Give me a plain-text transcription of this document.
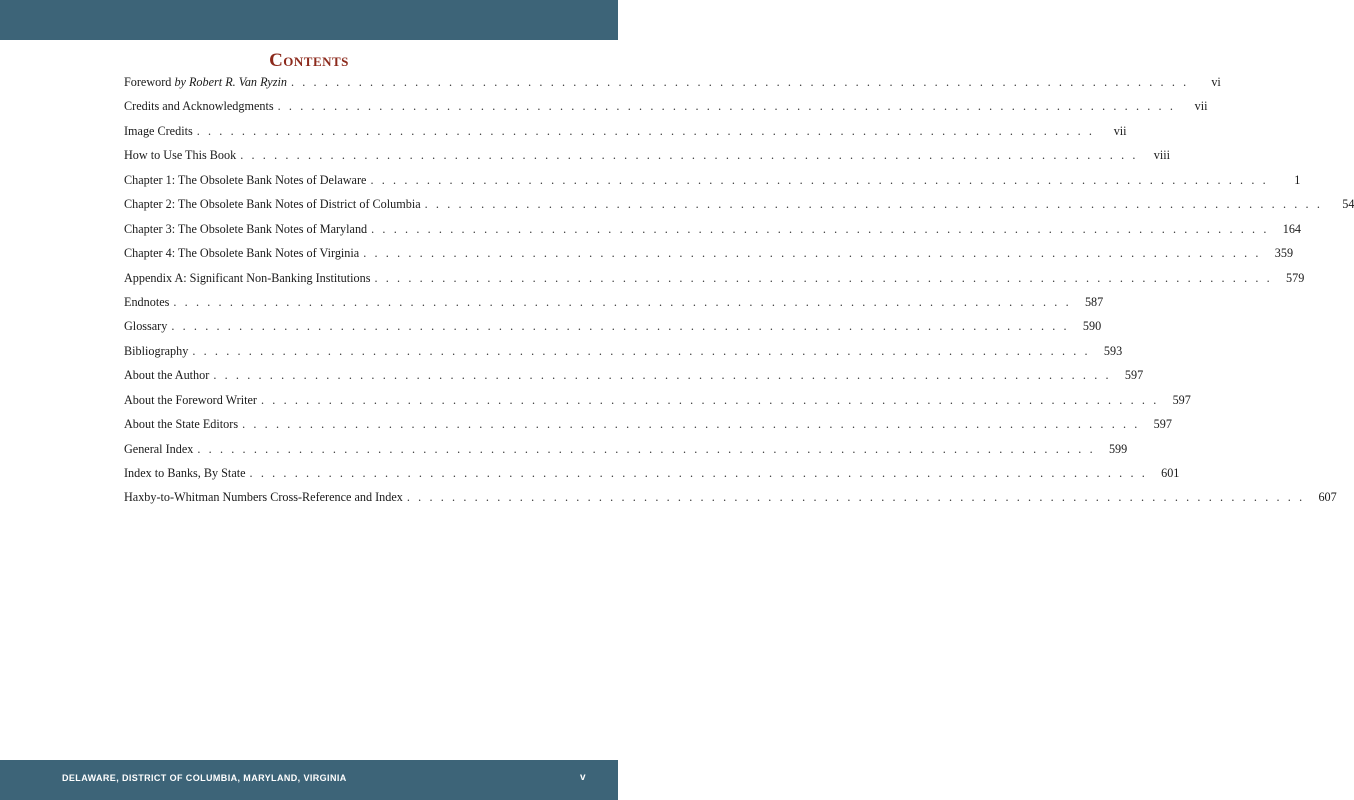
Contents
Foreword by Robert R. Van Ryzin . . . . . . . . . . . . . . . . . . . . . . . . . . . . . . . . . . . . . . . . . . . . . . . . . . . . . . . . . . . . . . . . . . . . . . . . . . . . . . . .	vi
Credits and Acknowledgments . . . . . . . . . . . . . . . . . . . . . . . . . . . . . . . . . . . . . . . . . . . . . . . . . . . . . . . . . . . . . . . . . . . . . . . . . . . . . . . .	vii
Image Credits . . . . . . . . . . . . . . . . . . . . . . . . . . . . . . . . . . . . . . . . . . . . . . . . . . . . . . . . . . . . . . . . . . . . . . . . . . . . . . . .	vii
How to Use This Book . . . . . . . . . . . . . . . . . . . . . . . . . . . . . . . . . . . . . . . . . . . . . . . . . . . . . . . . . . . . . . . . . . . . . . . . . . . . . . . .	viii
Chapter 1: The Obsolete Bank Notes of Delaware . . . . . . . . . . . . . . . . . . . . . . . . . . . . . . . . . . . . . . . . . . . . . . . . . . . . . . . . . . . . . . . . . . . . . . . . . . . . . . . .	1
Chapter 2: The Obsolete Bank Notes of District of Columbia . . . . . . . . . . . . . . . . . . . . . . . . . . . . . . . . . . . . . . . . . . . . . . . . . . . . . . . . . . . . . . . . . . . . . . . . . . . . . . . .	54
Chapter 3: The Obsolete Bank Notes of Maryland . . . . . . . . . . . . . . . . . . . . . . . . . . . . . . . . . . . . . . . . . . . . . . . . . . . . . . . . . . . . . . . . . . . . . . . . . . . . . . . .	164
Chapter 4: The Obsolete Bank Notes of Virginia . . . . . . . . . . . . . . . . . . . . . . . . . . . . . . . . . . . . . . . . . . . . . . . . . . . . . . . . . . . . . . . . . . . . . . . . . . . . . . . .	359
Appendix A: Significant Non-Banking Institutions . . . . . . . . . . . . . . . . . . . . . . . . . . . . . . . . . . . . . . . . . . . . . . . . . . . . . . . . . . . . . . . . . . . . . . . . . . . . . . . .	579
Endnotes . . . . . . . . . . . . . . . . . . . . . . . . . . . . . . . . . . . . . . . . . . . . . . . . . . . . . . . . . . . . . . . . . . . . . . . . . . . . . . . .	587
Glossary . . . . . . . . . . . . . . . . . . . . . . . . . . . . . . . . . . . . . . . . . . . . . . . . . . . . . . . . . . . . . . . . . . . . . . . . . . . . . . . .	590
Bibliography . . . . . . . . . . . . . . . . . . . . . . . . . . . . . . . . . . . . . . . . . . . . . . . . . . . . . . . . . . . . . . . . . . . . . . . . . . . . . . . .	593
About the Author . . . . . . . . . . . . . . . . . . . . . . . . . . . . . . . . . . . . . . . . . . . . . . . . . . . . . . . . . . . . . . . . . . . . . . . . . . . . . . . .	597
About the Foreword Writer . . . . . . . . . . . . . . . . . . . . . . . . . . . . . . . . . . . . . . . . . . . . . . . . . . . . . . . . . . . . . . . . . . . . . . . . . . . . . . . .	597
About the State Editors . . . . . . . . . . . . . . . . . . . . . . . . . . . . . . . . . . . . . . . . . . . . . . . . . . . . . . . . . . . . . . . . . . . . . . . . . . . . . . . .	597
General Index . . . . . . . . . . . . . . . . . . . . . . . . . . . . . . . . . . . . . . . . . . . . . . . . . . . . . . . . . . . . . . . . . . . . . . . . . . . . . . . .	599
Index to Banks, By State . . . . . . . . . . . . . . . . . . . . . . . . . . . . . . . . . . . . . . . . . . . . . . . . . . . . . . . . . . . . . . . . . . . . . . . . . . . . . . . .	601
Haxby-to-Whitman Numbers Cross-Reference and Index . . . . . . . . . . . . . . . . . . . . . . . . . . . . . . . . . . . . . . . . . . . . . . . . . . . . . . . . . . . . . . . . . . . . . . . . . . . . . . . .	607
DELAWARE, DISTRICT OF COLUMBIA, MARYLAND, VIRGINIA	v
